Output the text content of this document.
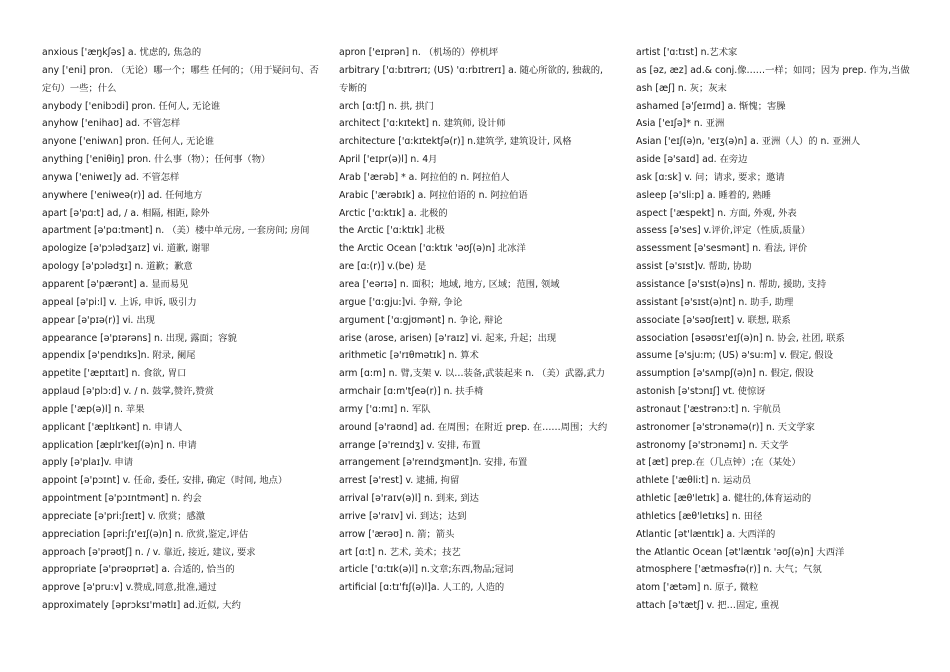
anxious ['æŋkʃəs] a. 忧虑的, 焦急的
any ['eni] pron. （无论）哪一个；哪些 任何的；（用于疑问句、否定句）一些；什么
anybody ['enibɔdi] pron. 任何人, 无论谁
anyhow ['enihaʊ] ad. 不管怎样
anyone ['eniwʌn] pron. 任何人, 无论谁
anything ['eniθiŋ] pron. 什么事（物）；任何事（物）
anywa ['eniweɪ]y ad. 不管怎样
anywhere ['eniweə(r)] ad. 任何地方
apart [ə'pɑ:t] ad, / a. 相隔, 相距, 除外
apartment [ə'pɑ:tmənt] n. （美）楼中单元房, 一套房间; 房间
apologize [ə'pɔlədʒaɪz] vi. 道歉, 谢罪
apology [ə'pɔlədʒɪ] n. 道歉；歉意
apparent [ə'pærənt] a. 显而易见
appeal [ə'pi:l] v. 上诉, 申诉, 吸引力
appear [ə'pɪə(r)] vi. 出现
appearance [ə'pɪərəns] n. 出现, 露面；容貌
appendix [ə'pendɪks]n. 附录, 阑尾
appetite ['æpɪtaɪt] n. 食欲, 胃口
applaud [ə'plɔ:d] v. / n. 鼓掌,赞许,赞赏
apple ['æp(ə)l] n. 苹果
applicant ['æplɪkənt] n. 申请人
application [æplɪ'keɪʃ(ə)n] n. 申请
apply [ə'plaɪ]v. 申请
appoint [ə'pɔɪnt] v. 任命, 委任, 安排, 确定（时间, 地点）
appointment [ə'pɔɪntmənt] n. 约会
appreciate [ə'pri:ʃɪeɪt] v. 欣赏；感激
appreciation [əpri:ʃɪ'eɪʃ(ə)n] n. 欣赏,鉴定,评估
approach [ə'prəʊtʃ] n. / v. 靠近, 接近, 建议, 要求
appropriate [ə'prəʊprɪət] a. 合适的, 恰当的
approve [ə'pru:v] v.赞成,同意,批准,通过
approximately [əprɔksɪ'mətlɪ] ad.近似, 大约
apron ['eɪprən] n. （机场的）停机坪
arbitrary ['ɑ:bɪtrərɪ; (US) 'ɑ:rbɪtrerɪ] a. 随心所欲的, 独裁的, 专断的
arch [ɑ:tʃ] n. 拱, 拱门
architect ['ɑ:kɪtekt] n. 建筑师, 设计师
architecture ['ɑ:kɪtektʃə(r)] n.建筑学, 建筑设计, 风格
April ['eɪpr(ə)l] n. 4月
Arab ['ærəb] * a. 阿拉伯的 n. 阿拉伯人
Arabic ['ærəbɪk] a. 阿拉伯语的 n. 阿拉伯语
Arctic ['ɑ:ktɪk] a. 北极的
the Arctic ['ɑ:ktɪk] 北极
the Arctic Ocean ['ɑ:ktɪk 'əʊʃ(ə)n] 北冰洋
are [ɑ:(r)] v.(be) 是
area ['eərɪə] n. 面积；地域, 地方, 区域；范围, 领域
argue ['ɑ:gju:]vi. 争辩, 争论
argument ['ɑ:gjʊmənt] n. 争论, 辩论
arise (arose, arisen) [ə'raɪz] vi. 起来, 升起；出现
arithmetic [ə'rɪθmətɪk] n. 算术
arm [ɑ:m] n. 臂,支架 v. 以…装备,武装起来 n. （美）武器,武力
armchair [ɑ:m'tʃeə(r)] n. 扶手椅
army ['ɑ:mɪ] n. 军队
around [ə'raʊnd] ad. 在周围；在附近 prep. 在……周围；大约
arrange [ə'reɪndʒ] v. 安排, 布置
arrangement [ə'reɪndʒmənt]n. 安排, 布置
arrest [ə'rest] v. 逮捕, 拘留
arrival [ə'raɪv(ə)l] n. 到来, 到达
arrive [ə'raɪv] vi. 到达；达到
arrow ['ærəʊ] n. 箭；箭头
art [ɑ:t] n. 艺术, 美术；技艺
article ['ɑ:tɪk(ə)l] n.文章;东西,物品;冠词
artificial [ɑ:tɪ'fɪʃ(ə)l]a. 人工的, 人造的
artist ['ɑ:tɪst] n.艺术家
as [əz, æz] ad.& conj.像……一样；如同；因为 prep. 作为,当做
ash [æʃ] n. 灰；灰末
ashamed [ə'ʃeɪmd] a. 惭愧；害臊
Asia ['eɪʃə]* n. 亚洲
Asian ['eɪʃ(ə)n, 'eɪʒ(ə)n] a. 亚洲（人）的 n. 亚洲人
aside [ə'saɪd] ad. 在旁边
ask [ɑ:sk] v. 问；请求, 要求；邀请
asleep [ə'sli:p] a. 睡着的, 熟睡
aspect ['æspekt] n. 方面, 外观, 外表
assess [ə'ses] v.评价,评定（性质,质量）
assessment [ə'sesmənt] n. 看法, 评价
assist [ə'sɪst]v. 帮助, 协助
assistance [ə'sɪst(ə)ns] n. 帮助, 援助, 支持
assistant [ə'sɪst(ə)nt] n. 助手, 助理
associate [ə'səʊʃɪeɪt] v. 联想, 联系
association [əsəʊsɪ'eɪʃ(ə)n] n. 协会, 社团, 联系
assume [ə'sju:m; (US) ə'su:m] v. 假定, 假设
assumption [ə'sʌmpʃ(ə)n] n. 假定, 假设
astonish [ə'stɔnɪʃ] vt. 使惊讶
astronaut ['æstrənɔ:t] n. 宇航员
astronomer [ə'strɔnəmə(r)] n. 天文学家
astronomy [ə'strɔnəmɪ] n. 天文学
at [æt] prep.在（几点钟）;在（某处）
athlete ['æθli:t] n. 运动员
athletic [æθ'letɪk] a. 健壮的,体育运动的
athletics [æθ'letɪks] n. 田径
Atlantic [ət'læntɪk] a. 大西洋的
the Atlantic Ocean [ət'læntɪk 'əʊʃ(ə)n] 大西洋
atmosphere ['ætməsfɪə(r)] n. 大气；气氛
atom ['ætəm] n. 原子, 微粒
attach [ə'tætʃ] v. 把…固定, 重视
